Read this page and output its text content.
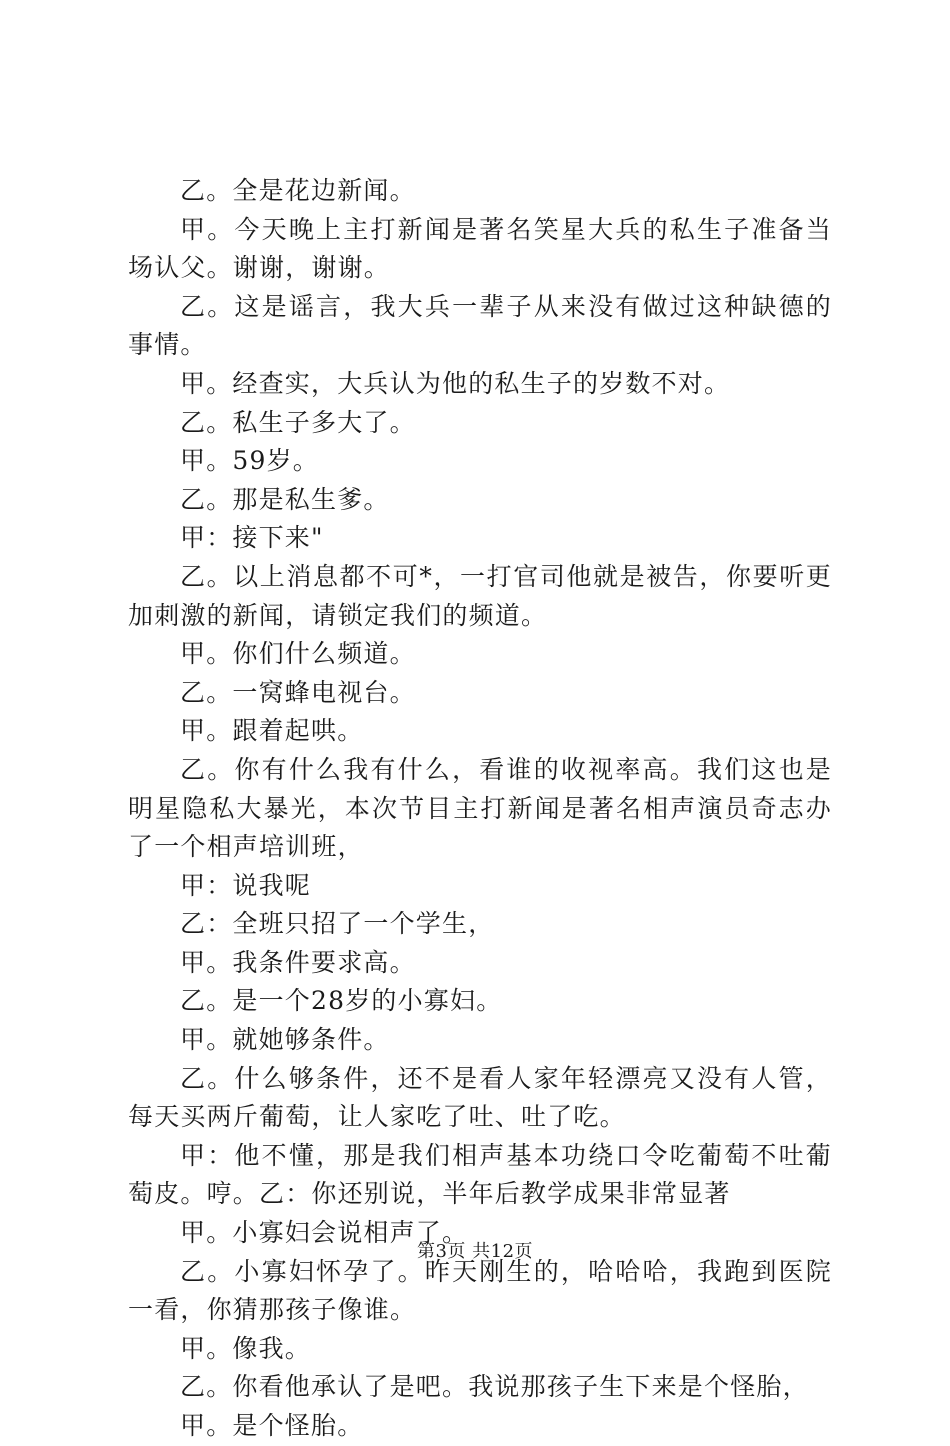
乙。全是花边新闻。

甲。今天晚上主打新闻是著名笑星大兵的私生子准备当场认父。谢谢，谢谢。

乙。这是谣言，我大兵一辈子从来没有做过这种缺德的事情。

甲。经查实，大兵认为他的私生子的岁数不对。

乙。私生子多大了。

甲。59岁。

乙。那是私生爹。

甲：接下来"

乙。以上消息都不可*，一打官司他就是被告，你要听更加刺激的新闻，请锁定我们的频道。

甲。你们什么频道。

乙。一窝蜂电视台。

甲。跟着起哄。

乙。你有什么我有什么，看谁的收视率高。我们这也是明星隐私大暴光，本次节目主打新闻是著名相声演员奇志办了一个相声培训班，

甲：说我呢

乙：全班只招了一个学生，

甲。我条件要求高。

乙。是一个28岁的小寡妇。

甲。就她够条件。

乙。什么够条件，还不是看人家年轻漂亮又没有人管，每天买两斤葡萄，让人家吃了吐、吐了吃。

甲：他不懂，那是我们相声基本功绕口令吃葡萄不吐葡萄皮。哼。乙：你还别说，半年后教学成果非常显著

甲。小寡妇会说相声了。

乙。小寡妇怀孕了。昨天刚生的，哈哈哈，我跑到医院一看，你猜那孩子像谁。

甲。像我。

乙。你看他承认了是吧。我说那孩子生下来是个怪胎，

甲。是个怪胎。

第3页 共12页
